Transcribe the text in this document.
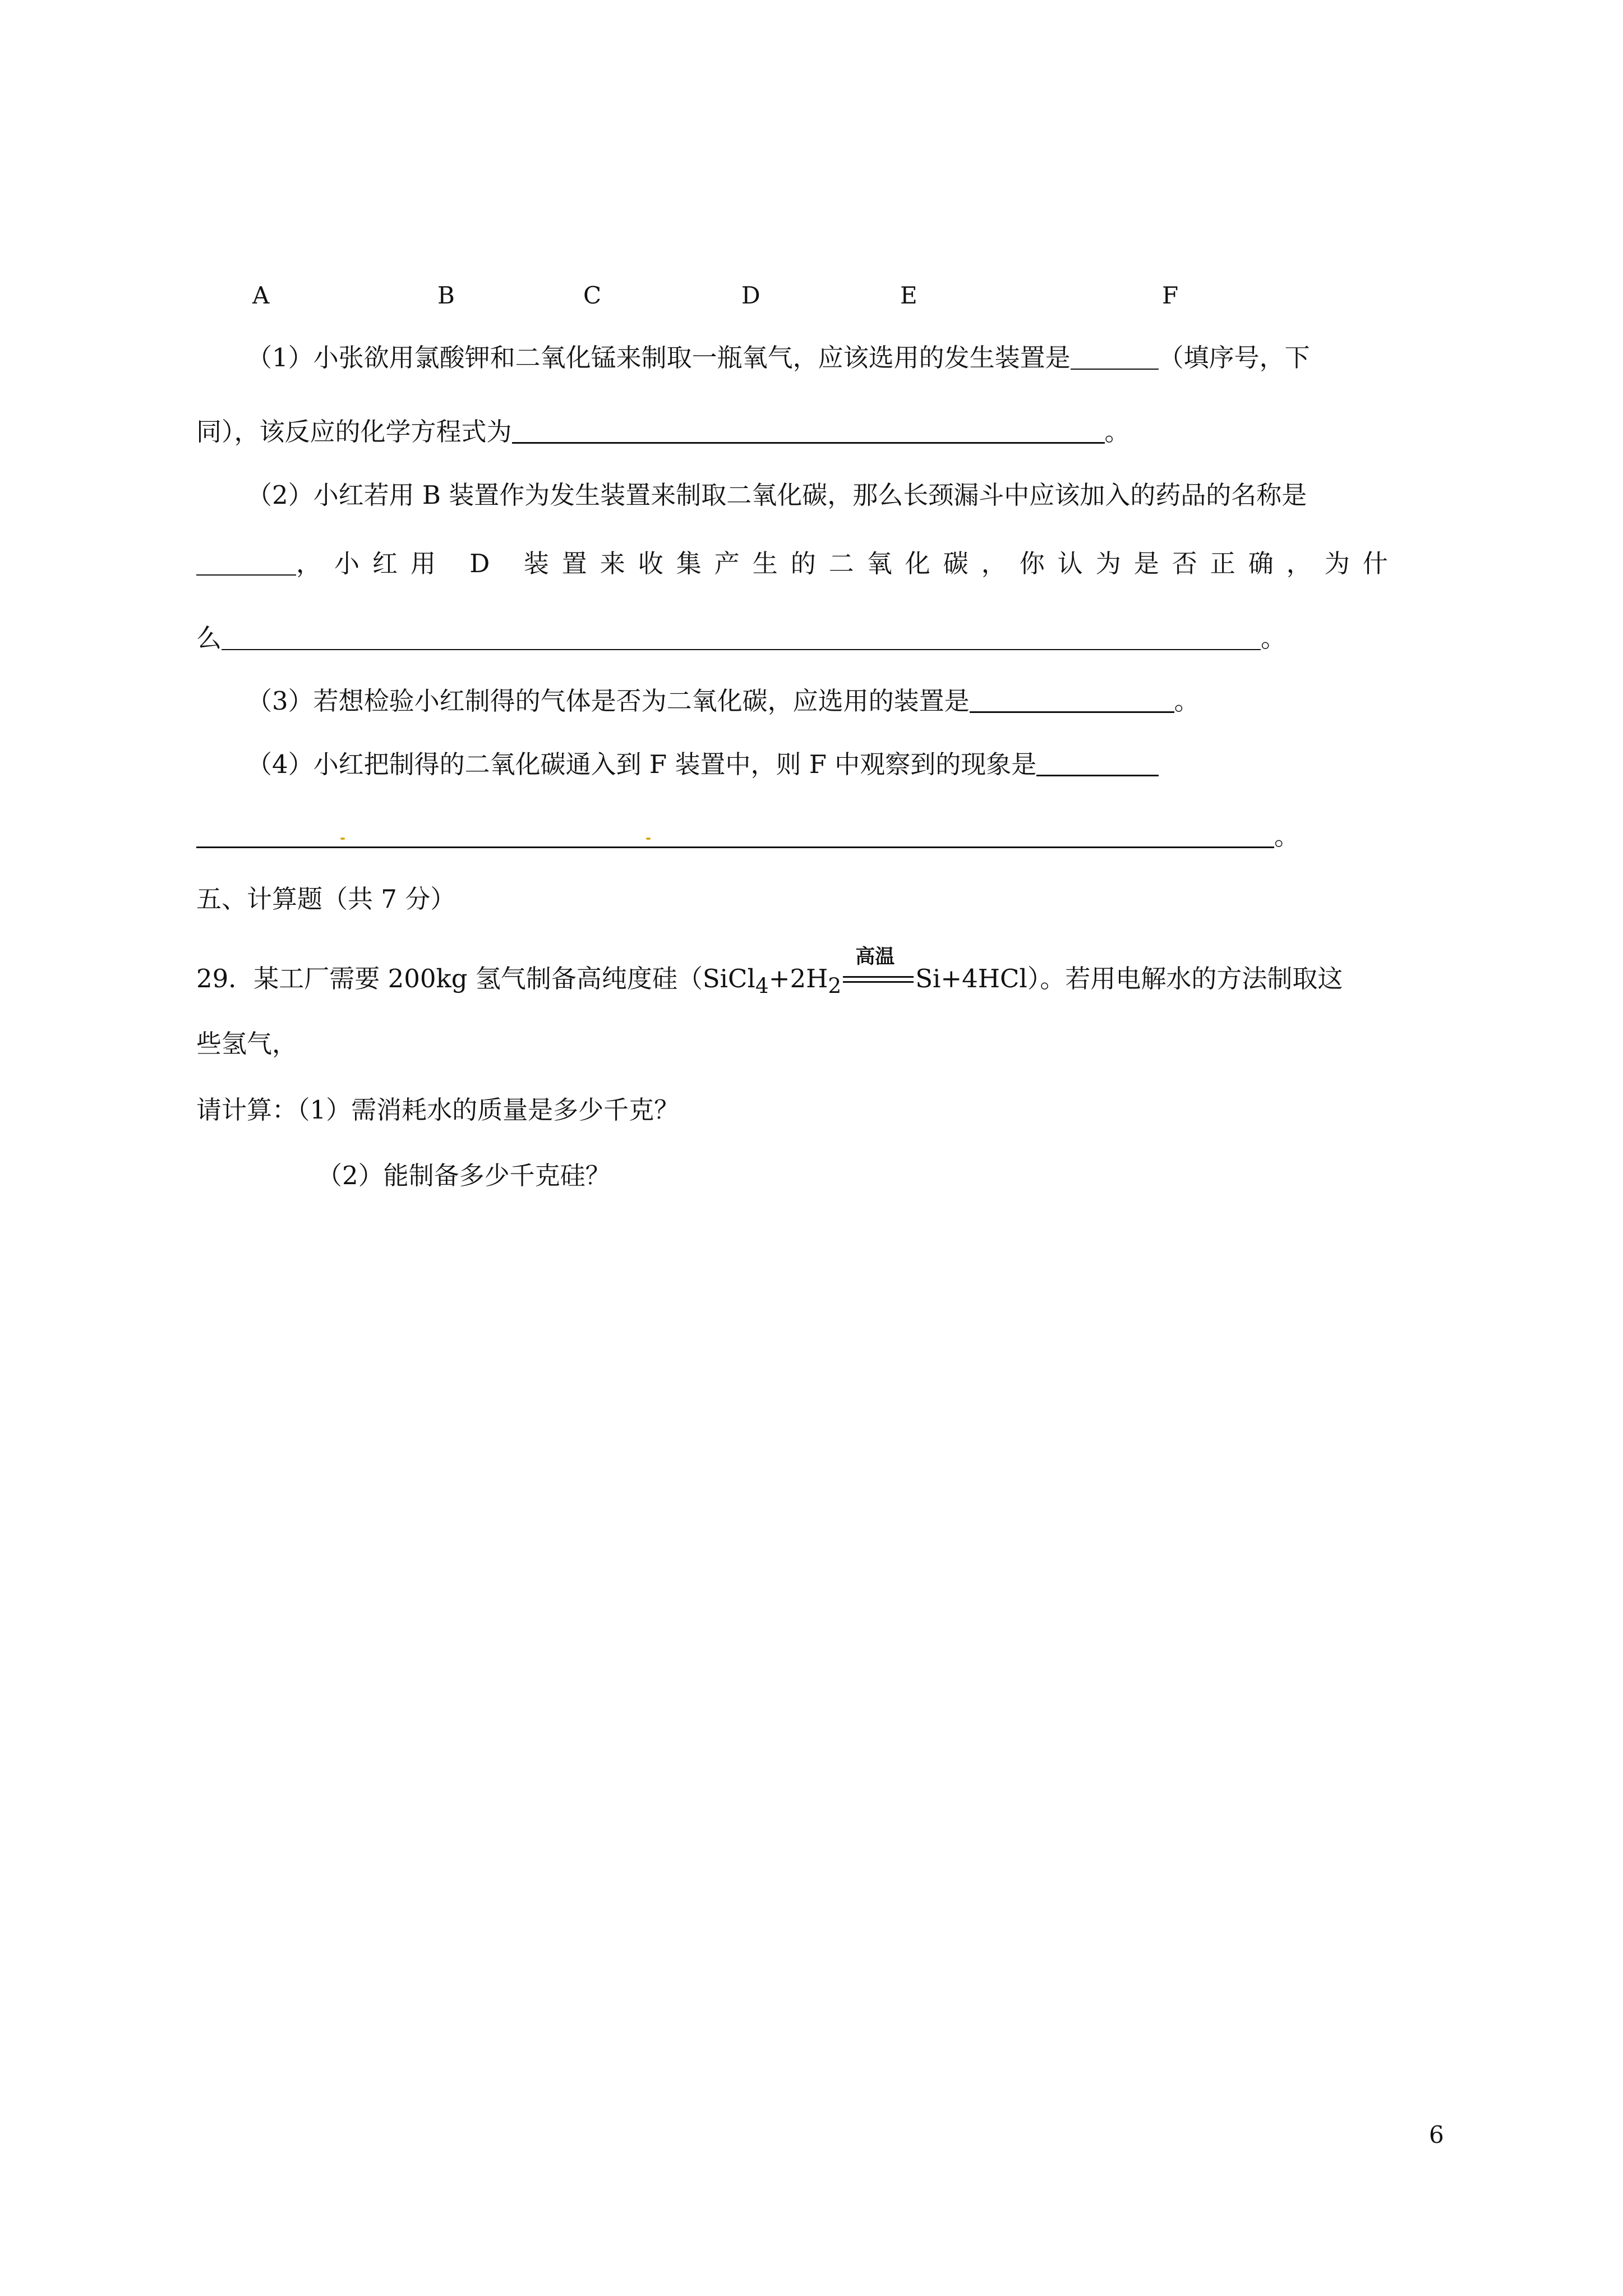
A	B	C	D	E	F
（1）小张欲用氯酸钾和二氧化锰来制取一瓶氧气，应该选用的发生装置是	（填序号，下
同），该反应的化学方程式为	。
（2）小红若用 B 装置作为发生装置来制取二氧化碳，那么长颈漏斗中应该加入的药品的名称是
，小红用 D 装置来收集产生的二氧化碳，你认为是否正确，为什
么	。
（3）若想检验小红制得的气体是否为二氧化碳，应选用的装置是	。
（4）小红把制得的二氧化碳通入到 F 装置中，则 F 中观察到的现象是
。
五、计算题（共 7 分）
29．某工厂需要 200kg 氢气制备高纯度硅（$SiCl_4+2H_2$
高温
Si+4HCl）。若用电解水的方法制取这
些氢气，
请计算：（1）需消耗水的质量是多少千克？
（2）能制备多少千克硅？
6
